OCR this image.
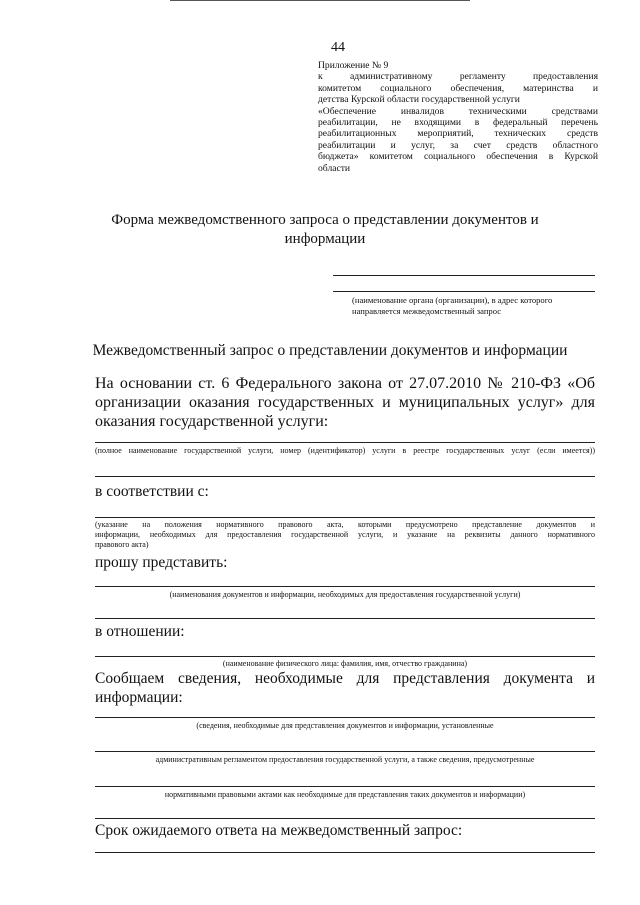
44
Приложение № 9
к административному регламенту предоставления
комитетом социального обеспечения, материнства и
детства Курской области государственной услуги
«Обеспечение инвалидов техническими средствами
реабилитации, не входящими в федеральный перечень
реабилитационных мероприятий, технических средств
реабилитации и услуг, за счет средств областного
бюджета» комитетом социального обеспечения в Курской
области
Форма межведомственного запроса о представлении документов и
информации
(наименование органа (организации), в адрес которого
направляется межведомственный запрос
Межведомственный запрос о представлении документов и информации
На основании ст. 6 Федерального закона от 27.07.2010 № 210-ФЗ «Об
организации оказания государственных и муниципальных услуг» для
оказания государственной услуги:
(полное наименование государственной услуги, номер (идентификатор) услуги в реестре государственных услуг (если имеется))
в соответствии с:
(указание на положения нормативного правового акта, которыми предусмотрено представление документов и
информации, необходимых для предоставления государственной услуги, и указание на реквизиты данного нормативного
правового акта)
прошу представить:
(наименования документов и информации, необходимых для предоставления государственной услуги)
в отношении:
(наименование физического лица: фамилия, имя, отчество гражданина)
Сообщаем сведения, необходимые для представления документа и
информации:
(сведения, необходимые для представления документов и информации, установленные
административным регламентом предоставления государственной услуги, а также сведения, предусмотренные
нормативными правовыми актами как необходимые для представления таких документов и информации)
Срок ожидаемого ответа на межведомственный запрос:
